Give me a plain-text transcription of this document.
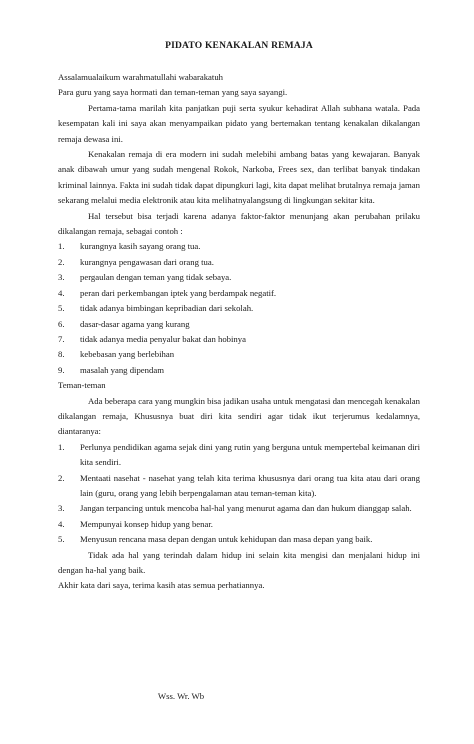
PIDATO KENAKALAN REMAJA

Assalamualaikum warahmatullahi wabarakatuh

Para guru yang saya hormati dan teman-teman yang saya sayangi.

Pertama-tama marilah kita panjatkan puji serta syukur kehadirat Allah subhana watala. Pada kesempatan kali ini saya akan menyampaikan pidato yang bertemakan tentang kenakalan dikalangan remaja dewasa ini.

Kenakalan remaja di era modern ini sudah melebihi ambang batas yang kewajaran. Banyak anak dibawah umur yang sudah mengenal Rokok, Narkoba, Frees sex, dan terlibat banyak tindakan kriminal lainnya. Fakta ini sudah tidak dapat dipungkuri lagi, kita dapat melihat brutalnya remaja jaman sekarang melalui media elektronik atau kita melihatnyalangsung di lingkungan sekitar kita.

Hal tersebut bisa terjadi karena adanya faktor-faktor menunjang akan perubahan prilaku dikalangan remaja, sebagai contoh :

1. kurangnya kasih sayang orang tua.
2. kurangnya pengawasan dari orang tua.
3. pergaulan dengan teman yang tidak sebaya.
4. peran dari perkembangan iptek yang berdampak negatif.
5. tidak adanya bimbingan kepribadian dari sekolah.
6. dasar-dasar agama yang kurang
7. tidak adanya media penyalur bakat dan hobinya
8. kebebasan yang berlebihan
9. masalah yang dipendam

Teman-teman

Ada beberapa cara yang mungkin bisa jadikan usaha untuk mengatasi dan mencegah kenakalan dikalangan remaja, Khususnya buat diri kita sendiri agar tidak ikut terjerumus kedalamnya, diantaranya:

1. Perlunya pendidikan agama sejak dini yang rutin yang berguna untuk mempertebal keimanan diri kita sendiri.
2. Mentaati nasehat - nasehat yang telah kita terima khususnya dari orang tua kita atau dari orang lain (guru, orang yang lebih berpengalaman atau teman-teman kita).
3. Jangan terpancing untuk mencoba hal-hal yang menurut agama dan dan hukum dianggap salah.
4. Mempunyai konsep hidup yang benar.
5. Menyusun rencana masa depan dengan untuk kehidupan dan masa depan yang baik.

Tidak ada hal yang terindah dalam hidup ini selain kita mengisi dan menjalani hidup ini dengan ha-hal yang baik.

Akhir kata dari saya, terima kasih atas semua perhatiannya.

Wss. Wr. Wb
